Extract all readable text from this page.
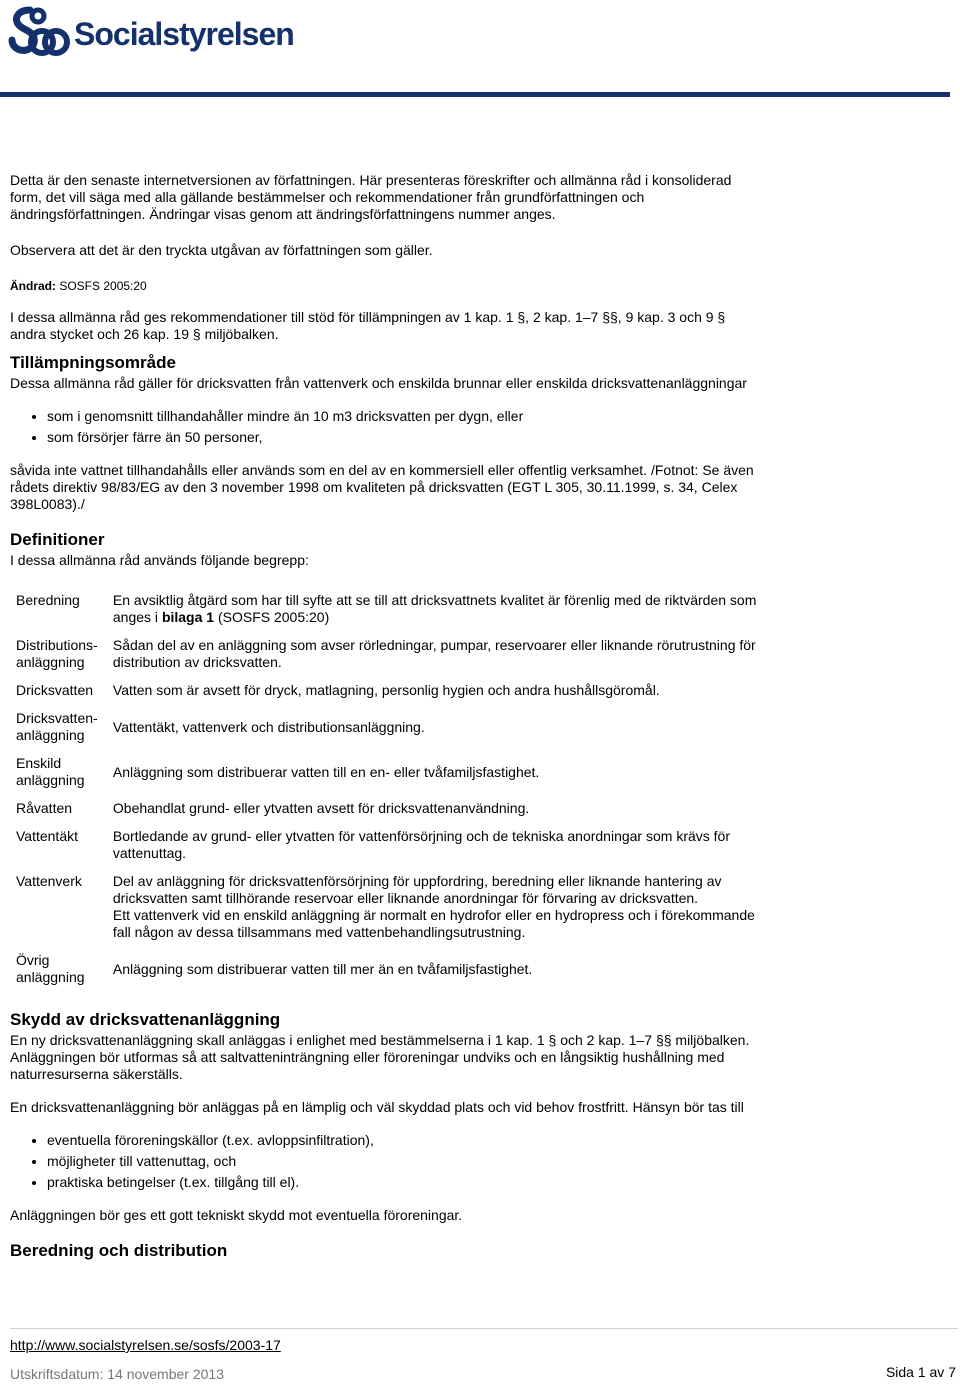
Socialstyrelsen

Detta är den senaste internetversionen av författningen. Här presenteras föreskrifter och allmänna råd i konsoliderad form, det vill säga med alla gällande bestämmelser och rekommendationer från grundförfattningen och ändringsförfattningen. Ändringar visas genom att ändringsförfattningens nummer anges.

Observera att det är den tryckta utgåvan av författningen som gäller.

Ändrad: SOSFS 2005:20

I dessa allmänna råd ges rekommendationer till stöd för tillämpningen av 1 kap. 1 §, 2 kap. 1–7 §§, 9 kap. 3 och 9 § andra stycket och 26 kap. 19 § miljöbalken.

Tillämpningsområde

Dessa allmänna råd gäller för dricksvatten från vattenverk och enskilda brunnar eller enskilda dricksvattenanläggningar

• som i genomsnitt tillhandahåller mindre än 10 m3 dricksvatten per dygn, eller
• som försörjer färre än 50 personer,

såvida inte vattnet tillhandahålls eller används som en del av en kommersiell eller offentlig verksamhet. /Fotnot: Se även rådets direktiv 98/83/EG av den 3 november 1998 om kvaliteten på dricksvatten (EGT L 305, 30.11.1999, s. 34, Celex 398L0083)./

Definitioner

I dessa allmänna råd används följande begrepp:

Beredning	En avsiktlig åtgärd som har till syfte att se till att dricksvattnets kvalitet är förenlig med de riktvärden som anges i bilaga 1 (SOSFS 2005:20)
Distributions-
anläggning	Sådan del av en anläggning som avser rörledningar, pumpar, reservoarer eller liknande rörutrustning för distribution av dricksvatten.
Dricksvatten	Vatten som är avsett för dryck, matlagning, personlig hygien och andra hushållsgöromål.
Dricksvatten-
anläggning	Vattentäkt, vattenverk och distributionsanläggning.
Enskild
anläggning	Anläggning som distribuerar vatten till en en- eller tvåfamiljsfastighet.
Råvatten	Obehandlat grund- eller ytvatten avsett för dricksvattenanvändning.
Vattentäkt	Bortledande av grund- eller ytvatten för vattenförsörjning och de tekniska anordningar som krävs för vattenuttag.
Vattenverk	Del av anläggning för dricksvattenförsörjning för uppfordring, beredning eller liknande hantering av dricksvatten samt tillhörande reservoar eller liknande anordningar för förvaring av dricksvatten.
Ett vattenverk vid en enskild anläggning är normalt en hydrofor eller en hydropress och i förekommande fall någon av dessa tillsammans med vattenbehandlingsutrustning.

Övrig
anläggning	Anläggning som distribuerar vatten till mer än en tvåfamiljsfastighet.
Skydd av dricksvattenanläggning

En ny dricksvattenanläggning skall anläggas i enlighet med bestämmelserna i 1 kap. 1 § och 2 kap. 1–7 §§ miljöbalken. Anläggningen bör utformas så att saltvatteninträngning eller föroreningar undviks och en långsiktig hushållning med naturresurserna säkerställs.

En dricksvattenanläggning bör anläggas på en lämplig och väl skyddad plats och vid behov frostfritt. Hänsyn bör tas till

• eventuella föroreningskällor (t.ex. avloppsinfiltration),
• möjligheter till vattenuttag, och
• praktiska betingelser (t.ex. tillgång till el).

Anläggningen bör ges ett gott tekniskt skydd mot eventuella föroreningar.

Beredning och distribution
http://www.socialstyrelsen.se/sosfs/2003-17
Utskriftsdatum: 14 november 2013	Sida 1 av 7
